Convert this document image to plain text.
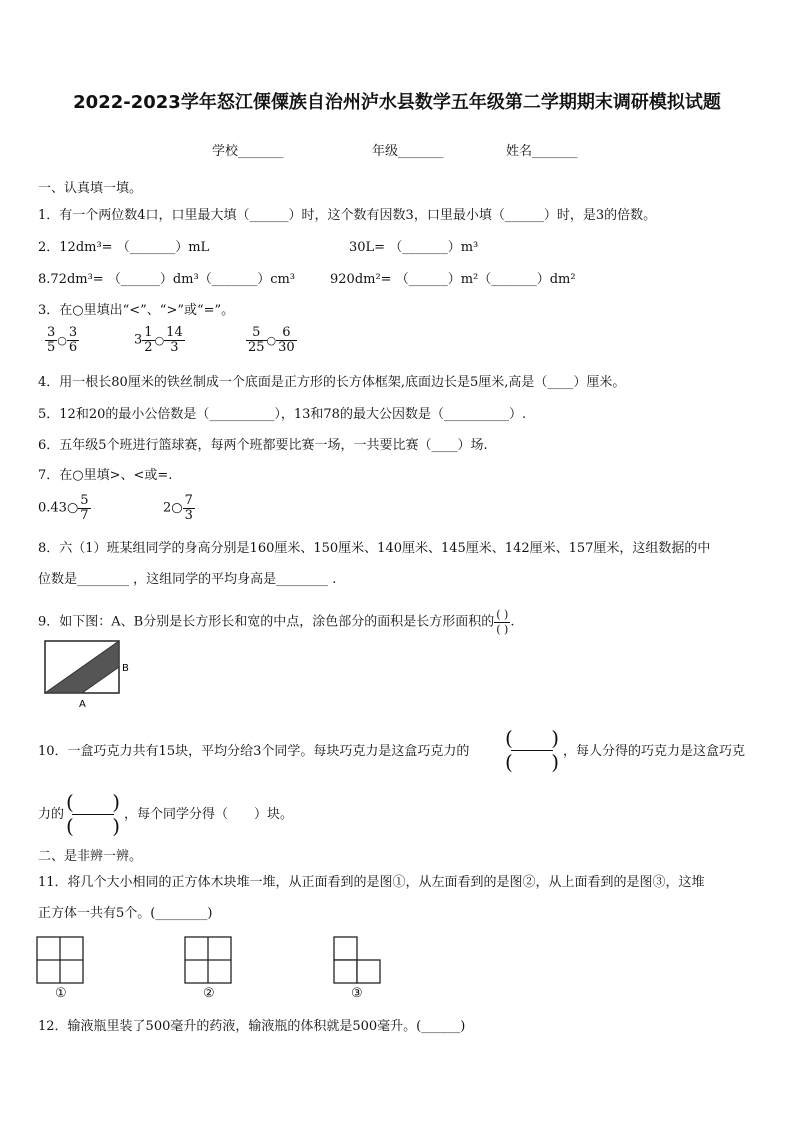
2022-2023学年怒江傈僳族自治州泸水县数学五年级第二学期期末调研模拟试题
学校_______	年级_______	姓名_______
一、认真填一填。
1．有一个两位数4口，口里最大填（______）时，这个数有因数3，口里最小填（______）时，是3的倍数。
2．12dm³= （_______）mL	30L= （_______）m³
8.72dm³= （______）dm³（_______）cm³	920dm²= （______）m²（_______）dm²
3．在○里填出“<”、“>”或“=”。
$\frac{3}{5}$ ○ $\frac{3}{6}$	$3 \frac{1}{2}$ ○ $\frac{14}{3}$	$\frac{5}{25}$ ○ $\frac{6}{30}$
4．用一根长80厘米的铁丝制成一个底面是正方形的长方体框架,底面边长是5厘米,高是（____）厘米。
5．12和20的最小公倍数是（__________），13和78的最大公因数是（__________）.
6．五年级5个班进行篮球赛，每两个班都要比赛一场，一共要比赛（____）场.
7．在○里填>、<或=.
0.43○ $\frac{5}{7}$	2○ $\frac{7}{3}$
8．六（1）班某组同学的身高分别是160厘米、150厘米、140厘米、145厘米、142厘米、157厘米，这组数据的中
位数是________ ，这组同学的平均身高是________ .
9．如下图：A、B分别是长方形长和宽的中点，涂色部分的面积是长方形面积的 $\frac{( )}{( )}$ .
B
A
10．一盒巧克力共有15块，平均分给3个同学。每块巧克力是这盒巧克力的
( )
( ) ，每人分得的巧克力是这盒巧克
力的
( )
( ) ，每个同学分得（　　）块。
二、是非辨一辨。
11．将几个大小相同的正方体木块堆一堆，从正面看到的是图①，从左面看到的是图②，从上面看到的是图③，这堆
正方体一共有5个。(________)
①	②	③
12．输液瓶里装了500毫升的药液，输液瓶的体积就是500毫升。(______)
